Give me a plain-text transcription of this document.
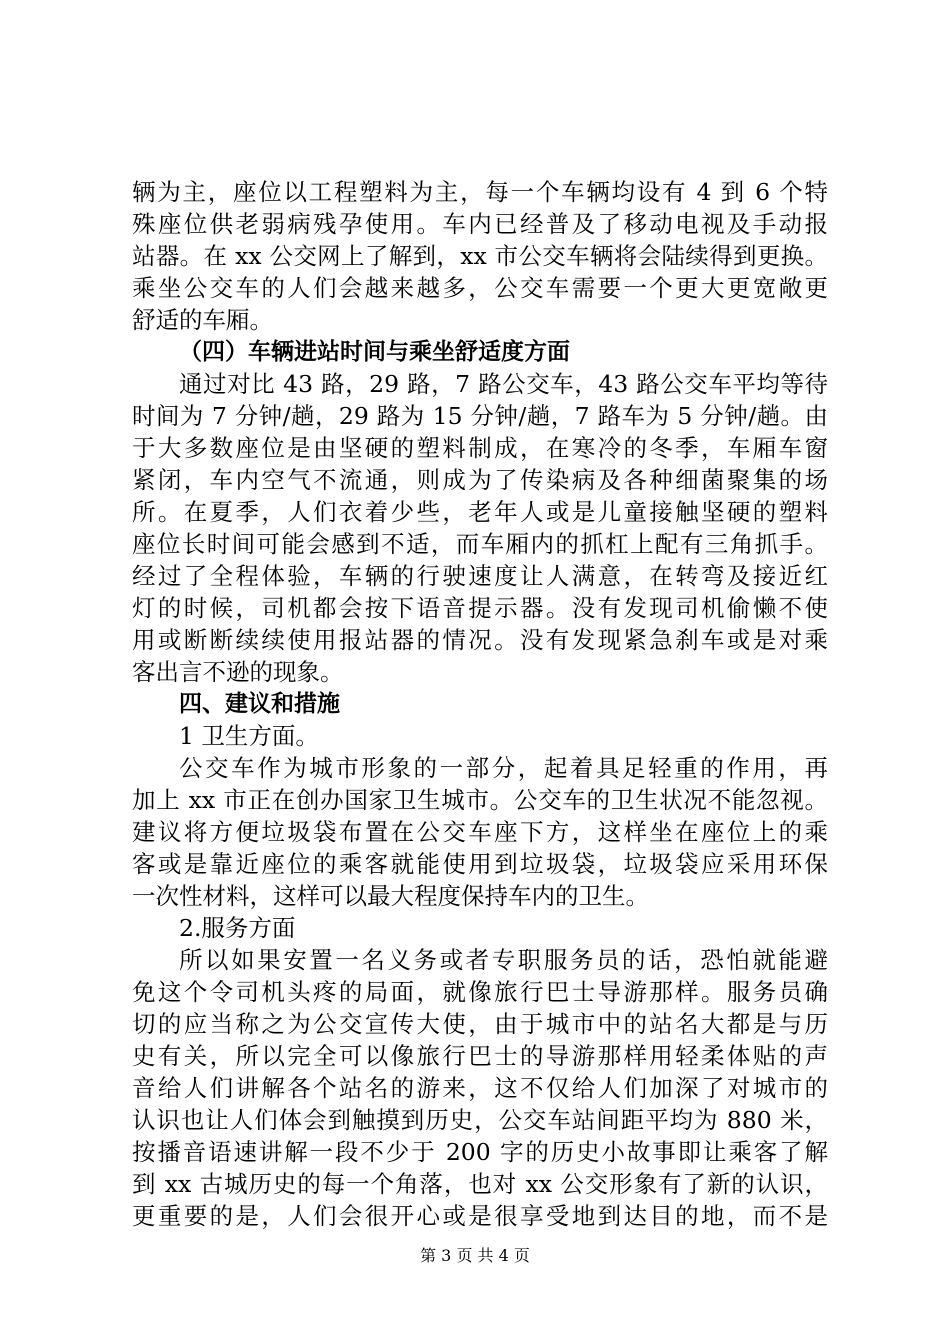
辆为主，座位以工程塑料为主，每一个车辆均设有 4 到 6 个特
殊座位供老弱病残孕使用。车内已经普及了移动电视及手动报
站器。在 xx 公交网上了解到，xx 市公交车辆将会陆续得到更换。
乘坐公交车的人们会越来越多，公交车需要一个更大更宽敞更
舒适的车厢。
（四）车辆进站时间与乘坐舒适度方面
通过对比 43 路，29 路，7 路公交车，43 路公交车平均等待
时间为 7 分钟/趟，29 路为 15 分钟/趟，7 路车为 5 分钟/趟。由
于大多数座位是由坚硬的塑料制成，在寒冷的冬季，车厢车窗
紧闭，车内空气不流通，则成为了传染病及各种细菌聚集的场
所。在夏季，人们衣着少些，老年人或是儿童接触坚硬的塑料
座位长时间可能会感到不适，而车厢内的抓杠上配有三角抓手。
经过了全程体验，车辆的行驶速度让人满意，在转弯及接近红
灯的时候，司机都会按下语音提示器。没有发现司机偷懒不使
用或断断续续使用报站器的情况。没有发现紧急刹车或是对乘
客出言不逊的现象。
四、建议和措施
1 卫生方面。
公交车作为城市形象的一部分，起着具足轻重的作用，再
加上 xx 市正在创办国家卫生城市。公交车的卫生状况不能忽视。
建议将方便垃圾袋布置在公交车座下方，这样坐在座位上的乘
客或是靠近座位的乘客就能使用到垃圾袋，垃圾袋应采用环保
一次性材料，这样可以最大程度保持车内的卫生。
2.服务方面
所以如果安置一名义务或者专职服务员的话，恐怕就能避
免这个令司机头疼的局面，就像旅行巴士导游那样。服务员确
切的应当称之为公交宣传大使，由于城市中的站名大都是与历
史有关，所以完全可以像旅行巴士的导游那样用轻柔体贴的声
音给人们讲解各个站名的游来，这不仅给人们加深了对城市的
认识也让人们体会到触摸到历史，公交车站间距平均为 880 米，
按播音语速讲解一段不少于 200 字的历史小故事即让乘客了解
到 xx 古城历史的每一个角落，也对 xx 公交形象有了新的认识，
更重要的是，人们会很开心或是很享受地到达目的地，而不是
第 3 页 共 4 页
